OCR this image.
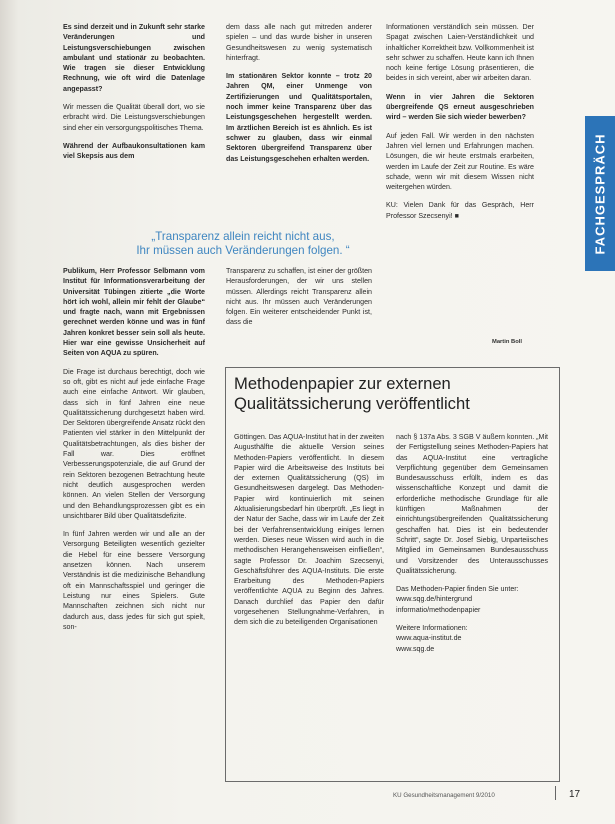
FACHGESPRÄCH

Es sind derzeit und in Zukunft sehr starke Veränderungen und Leistungsverschiebungen zwischen ambulant und stationär zu beobachten. Wie tragen sie dieser Entwicklung Rechnung, wie oft wird die Datenlage angepasst?

Wir messen die Qualität überall dort, wo sie erbracht wird. Die Leistungsverschiebungen sind eher ein versorgungspolitisches Thema.

Während der Aufbaukonsultationen kam viel Skepsis aus dem

dem dass alle nach gut mitreden anderer spielen – und das wurde bisher in unseren Gesundheitswesen zu wenig systematisch hinterfragt.

Im stationären Sektor konnte – trotz 20 Jahren QM, einer Unmenge von Zertifizierungen und Qualitätsportalen, noch immer keine Transparenz über das Leistungsgeschehen hergestellt werden. Im ärztlichen Bereich ist es ähnlich. Es ist schwer zu glauben, dass wir einmal Sektoren übergreifend Transparenz über das Leistungsgeschehen erhalten werden.

Informationen verständlich sein müssen. Der Spagat zwischen Laien-Verständlichkeit und inhaltlicher Korrektheit bzw. Vollkommenheit ist sehr schwer zu schaffen. Heute kann ich Ihnen noch keine fertige Lösung präsentieren, die beides in sich vereint, aber wir arbeiten daran.

Wenn in vier Jahren die Sektoren übergreifende QS erneut ausgeschrieben wird – werden Sie sich wieder bewerben?

Auf jeden Fall. Wir werden in den nächsten Jahren viel lernen und Erfahrungen machen. Lösungen, die wir heute erstmals erarbeiten, werden im Laufe der Zeit zur Routine. Es wäre schade, wenn wir mit diesem Wissen nicht weitergehen würden.

KU: Vielen Dank für das Gespräch, Herr Professor Szecsenyi! ■

Martin Boll
„Transparenz allein reicht nicht aus,
Ihr müssen auch Veränderungen folgen. “

Publikum, Herr Professor Selbmann vom Institut für Informationsverarbeitung der Universität Tübingen zitierte „die Worte hört ich wohl, allein mir fehlt der Glaube“ und fragte nach, wann mit Ergebnissen gerechnet werden könne und was in fünf Jahren konkret besser sein soll als heute. Hier war eine gewisse Unsicherheit auf Seiten von AQUA zu spüren.

Die Frage ist durchaus berechtigt, doch wie so oft, gibt es nicht auf jede einfache Frage auch eine einfache Antwort. Wir glauben, dass sich in fünf Jahren eine neue Qualitätssicherung durchgesetzt haben wird. Der Sektoren übergreifende Ansatz rückt den Patienten viel stärker in den Mittelpunkt der Qualitätsbetrachtungen, als dies bisher der Fall war. Dies eröffnet Verbesserungspotenziale, die auf Grund der rein Sektoren bezogenen Betrachtung heute nicht deutlich ausgesprochen werden können. An vielen Stellen der Versorgung und den Behandlungsprozessen gibt es ein unsichtbarer Bild über Qualitätsdefizite.

In fünf Jahren werden wir und alle an der Versorgung Beteiligten wesentlich gezielter die Hebel für eine bessere Versorgung ansetzen können. Nach unserem Verständnis ist die medizinische Behandlung oft ein Mannschaftsspiel und geringer die Leistung nur eines Spielers. Gute Mannschaften zeichnen sich nicht nur dadurch aus, dass jedes für sich gut spielt, son-

Transparenz zu schaffen, ist einer der größten Herausforderungen, der wir uns stellen müssen. Allerdings reicht Transparenz allein nicht aus. Ihr müssen auch Veränderungen folgen. Ein weiterer entscheidender Punkt ist, dass die

Methodenpapier zur externen Qualitätssicherung veröffentlicht

Göttingen. Das AQUA-Institut hat in der zweiten Augusthälfte die aktuelle Version seines Methoden-Papiers veröffentlicht. In diesem Papier wird die Arbeitsweise des Instituts bei der externen Qualitätssicherung (QS) im Gesundheitswesen dargelegt. Das Methoden-Papier wird kontinuierlich mit seinen Aktualisierungsbedarf hin überprüft. „Es liegt in der Natur der Sache, dass wir im Laufe der Zeit bei der Verfahrensentwicklung einiges lernen werden. Dieses neue Wissen wird auch in die methodischen Herangehensweisen einfließen“, sagte Professor Dr. Joachim Szecsenyi, Geschäftsführer des AQUA-Instituts. Die erste Erarbeitung des Methoden-Papiers veröffentlichte AQUA zu Beginn des Jahres. Danach durchlief das Papier den dafür vorgesehenen Stellungnahme-Verfahren, in dem sich die zu beteiligenden Organisationen

nach § 137a Abs. 3 SGB V äußern konnten. „Mit der Fertigstellung seines Methoden-Papiers hat das AQUA-Institut eine vertragliche Verpflichtung gegenüber dem Gemeinsamen Bundesausschuss erfüllt, indem es das wissenschaftliche Konzept und damit die erforderliche methodische Grundlage für alle künftigen Maßnahmen der einrichtungsübergreifenden Qualitätssicherung geschaffen hat. Dies ist ein bedeutender Schritt“, sagte Dr. Josef Siebig, Unparteiisches Mitglied im Gemeinsamen Bundesausschuss und Vorsitzender des Unterausschusses Qualitätssicherung.

Das Methoden-Papier finden Sie unter:

www.sqg.de/hintergrund
informatio/methodenpapier
Weitere Informationen:
www.aqua-institut.de
www.sqg.de
KU Gesundheitsmanagement 9/2010	17
